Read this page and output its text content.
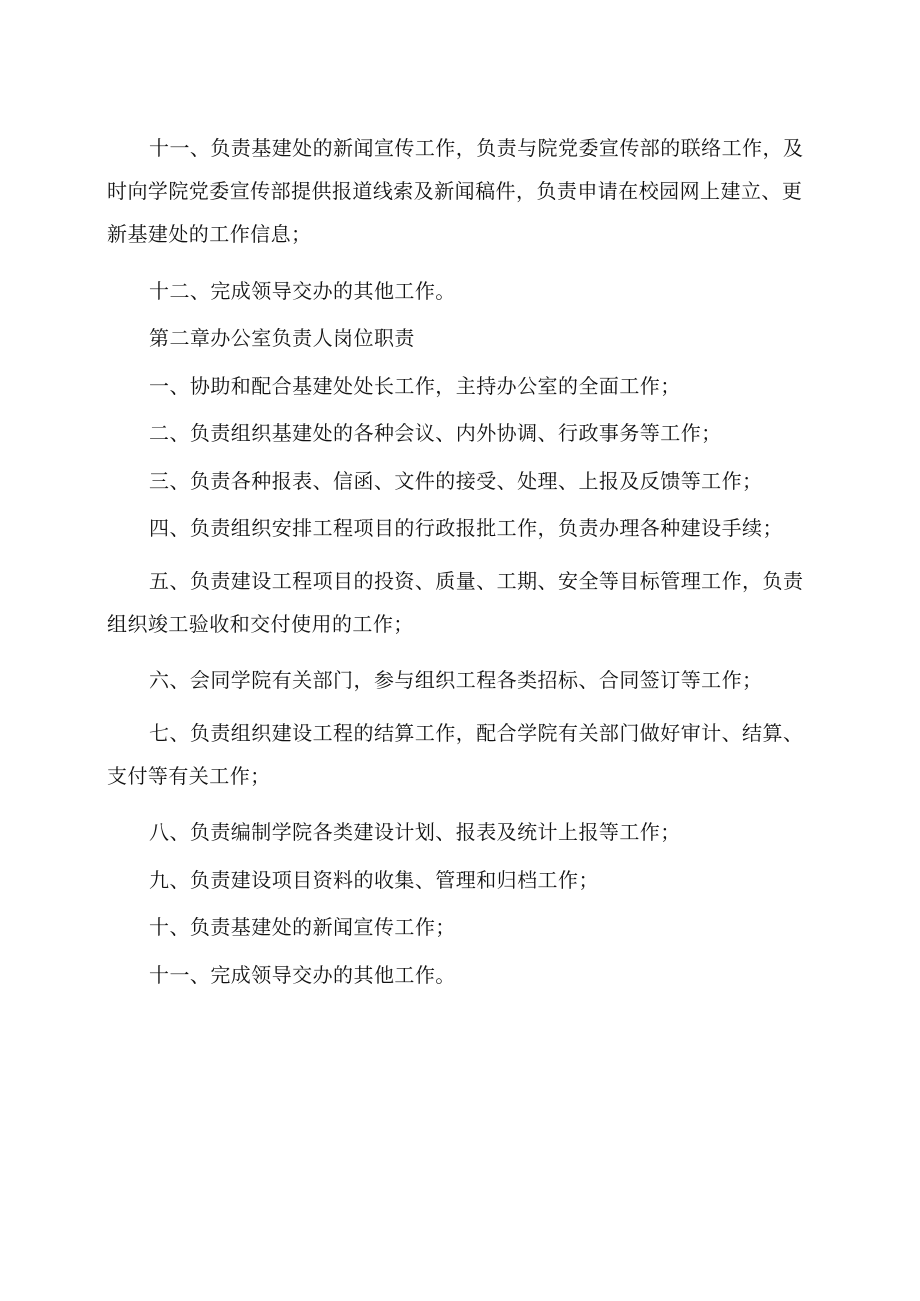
十一、负责基建处的新闻宣传工作，负责与院党委宣传部的联络工作，及时向学院党委宣传部提供报道线索及新闻稿件，负责申请在校园网上建立、更新基建处的工作信息；

十二、完成领导交办的其他工作。

第二章办公室负责人岗位职责

一、协助和配合基建处处长工作，主持办公室的全面工作；

二、负责组织基建处的各种会议、内外协调、行政事务等工作；

三、负责各种报表、信函、文件的接受、处理、上报及反馈等工作；

四、负责组织安排工程项目的行政报批工作，负责办理各种建设手续；

五、负责建设工程项目的投资、质量、工期、安全等目标管理工作，负责组织竣工验收和交付使用的工作；

六、会同学院有关部门，参与组织工程各类招标、合同签订等工作；

七、负责组织建设工程的结算工作，配合学院有关部门做好审计、结算、支付等有关工作；

八、负责编制学院各类建设计划、报表及统计上报等工作；

九、负责建设项目资料的收集、管理和归档工作；

十、负责基建处的新闻宣传工作；

十一、完成领导交办的其他工作。
